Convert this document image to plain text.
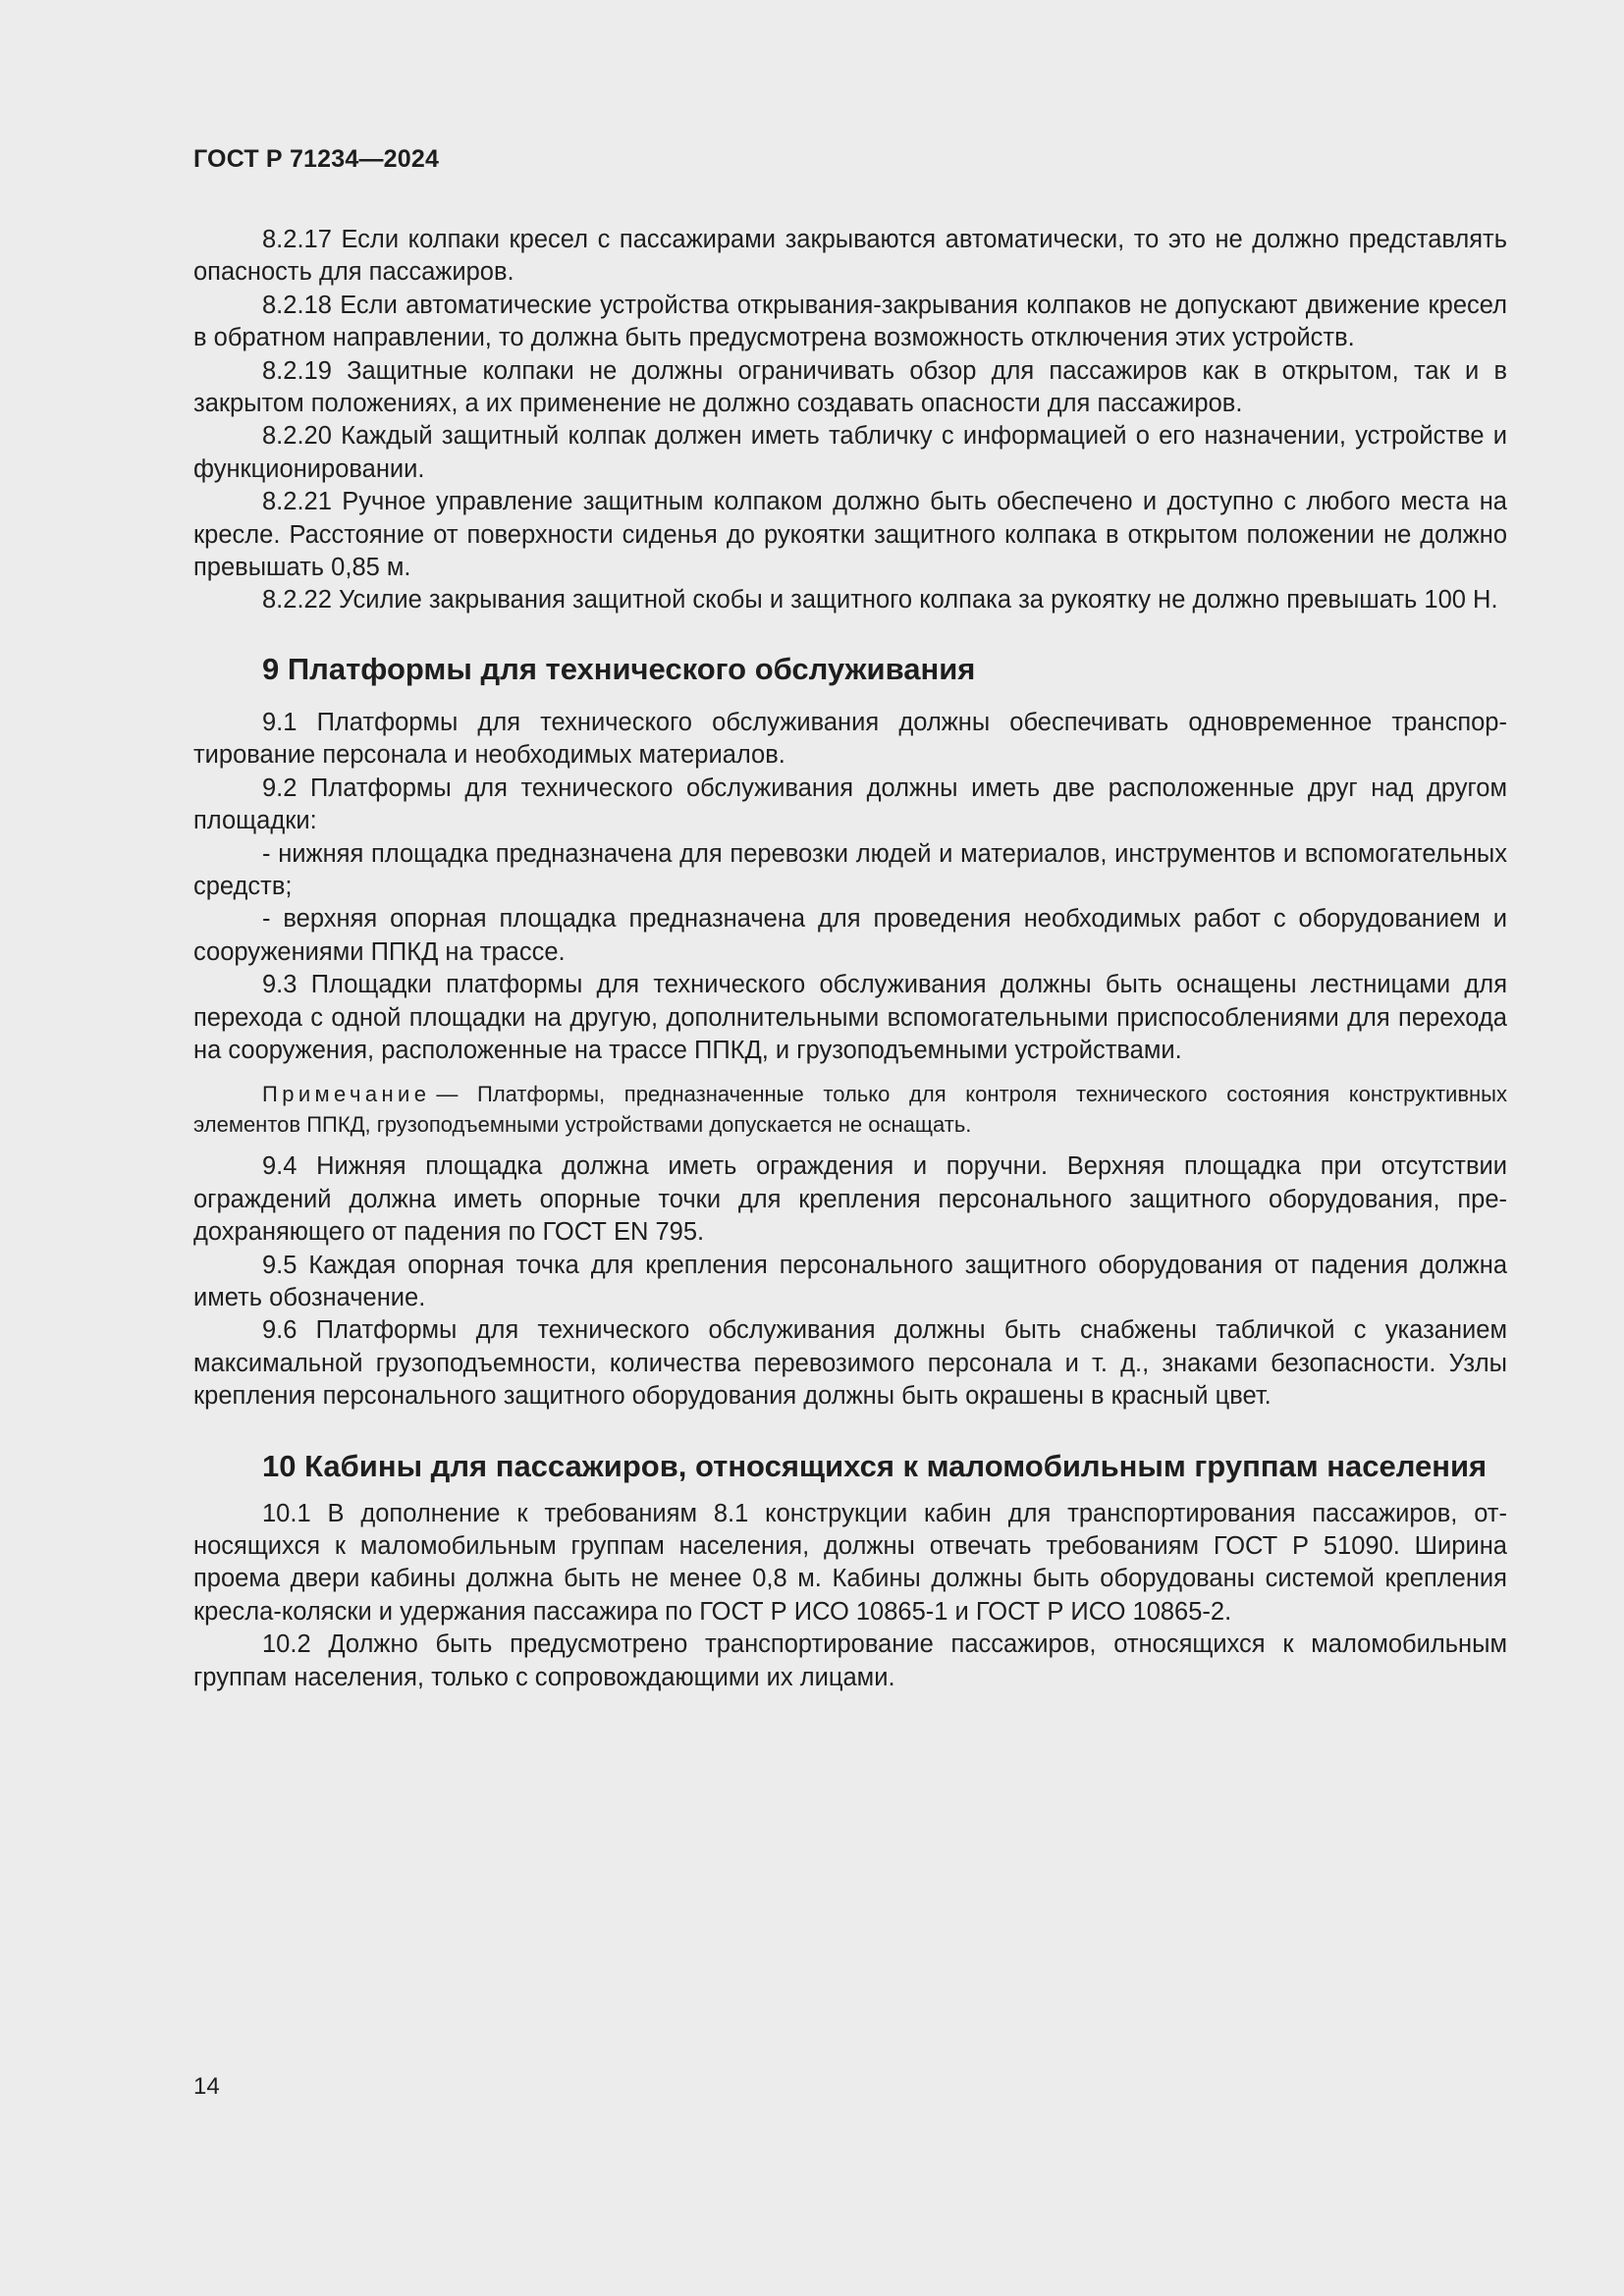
ГОСТ Р 71234—2024

8.2.17 Если колпаки кресел с пассажирами закрываются автоматически, то это не должно представлять опасность для пассажиров.

8.2.18 Если автоматические устройства открывания-закрывания колпаков не допускают движение кресел в обратном направлении, то должна быть предусмотрена возможность отключения этих устройств.

8.2.19 Защитные колпаки не должны ограничивать обзор для пассажиров как в открытом, так и в закрытом положениях, а их применение не должно создавать опасности для пассажиров.

8.2.20 Каждый защитный колпак должен иметь табличку с информацией о его назначении, устройстве и функционировании.

8.2.21 Ручное управление защитным колпаком должно быть обеспечено и доступно с любого места на кресле. Расстояние от поверхности сиденья до рукоятки защитного колпака в открытом положении не должно превышать 0,85 м.

8.2.22 Усилие закрывания защитной скобы и защитного колпака за рукоятку не должно превышать 100 Н.

9 Платформы для технического обслуживания

9.1 Платформы для технического обслуживания должны обеспечивать одновременное транспортирование персонала и необходимых материалов.

9.2 Платформы для технического обслуживания должны иметь две расположенные друг над другом площадки:

- нижняя площадка предназначена для перевозки людей и материалов, инструментов и вспомогательных средств;

- верхняя опорная площадка предназначена для проведения необходимых работ с оборудованием и сооружениями ППКД на трассе.

9.3 Площадки платформы для технического обслуживания должны быть оснащены лестницами для перехода с одной площадки на другую, дополнительными вспомогательными приспособлениями для перехода на сооружения, расположенные на трассе ППКД, и грузоподъемными устройствами.

Примечание — Платформы, предназначенные только для контроля технического состояния конструктивных элементов ППКД, грузоподъемными устройствами допускается не оснащать.

9.4 Нижняя площадка должна иметь ограждения и поручни. Верхняя площадка при отсутствии ограждений должна иметь опорные точки для крепления персонального защитного оборудования, предохраняющего от падения по ГОСТ EN 795.

9.5 Каждая опорная точка для крепления персонального защитного оборудования от падения должна иметь обозначение.

9.6 Платформы для технического обслуживания должны быть снабжены табличкой с указанием максимальной грузоподъемности, количества перевозимого персонала и т. д., знаками безопасности. Узлы крепления персонального защитного оборудования должны быть окрашены в красный цвет.

10 Кабины для пассажиров, относящихся к маломобильным группам населения

10.1 В дополнение к требованиям 8.1 конструкции кабин для транспортирования пассажиров, относящихся к маломобильным группам населения, должны отвечать требованиям ГОСТ Р 51090. Ширина проема двери кабины должна быть не менее 0,8 м. Кабины должны быть оборудованы системой крепления кресла-коляски и удержания пассажира по ГОСТ Р ИСО 10865-1 и ГОСТ Р ИСО 10865-2.

10.2 Должно быть предусмотрено транспортирование пассажиров, относящихся к маломобильным группам населения, только с сопровождающими их лицами.

14
